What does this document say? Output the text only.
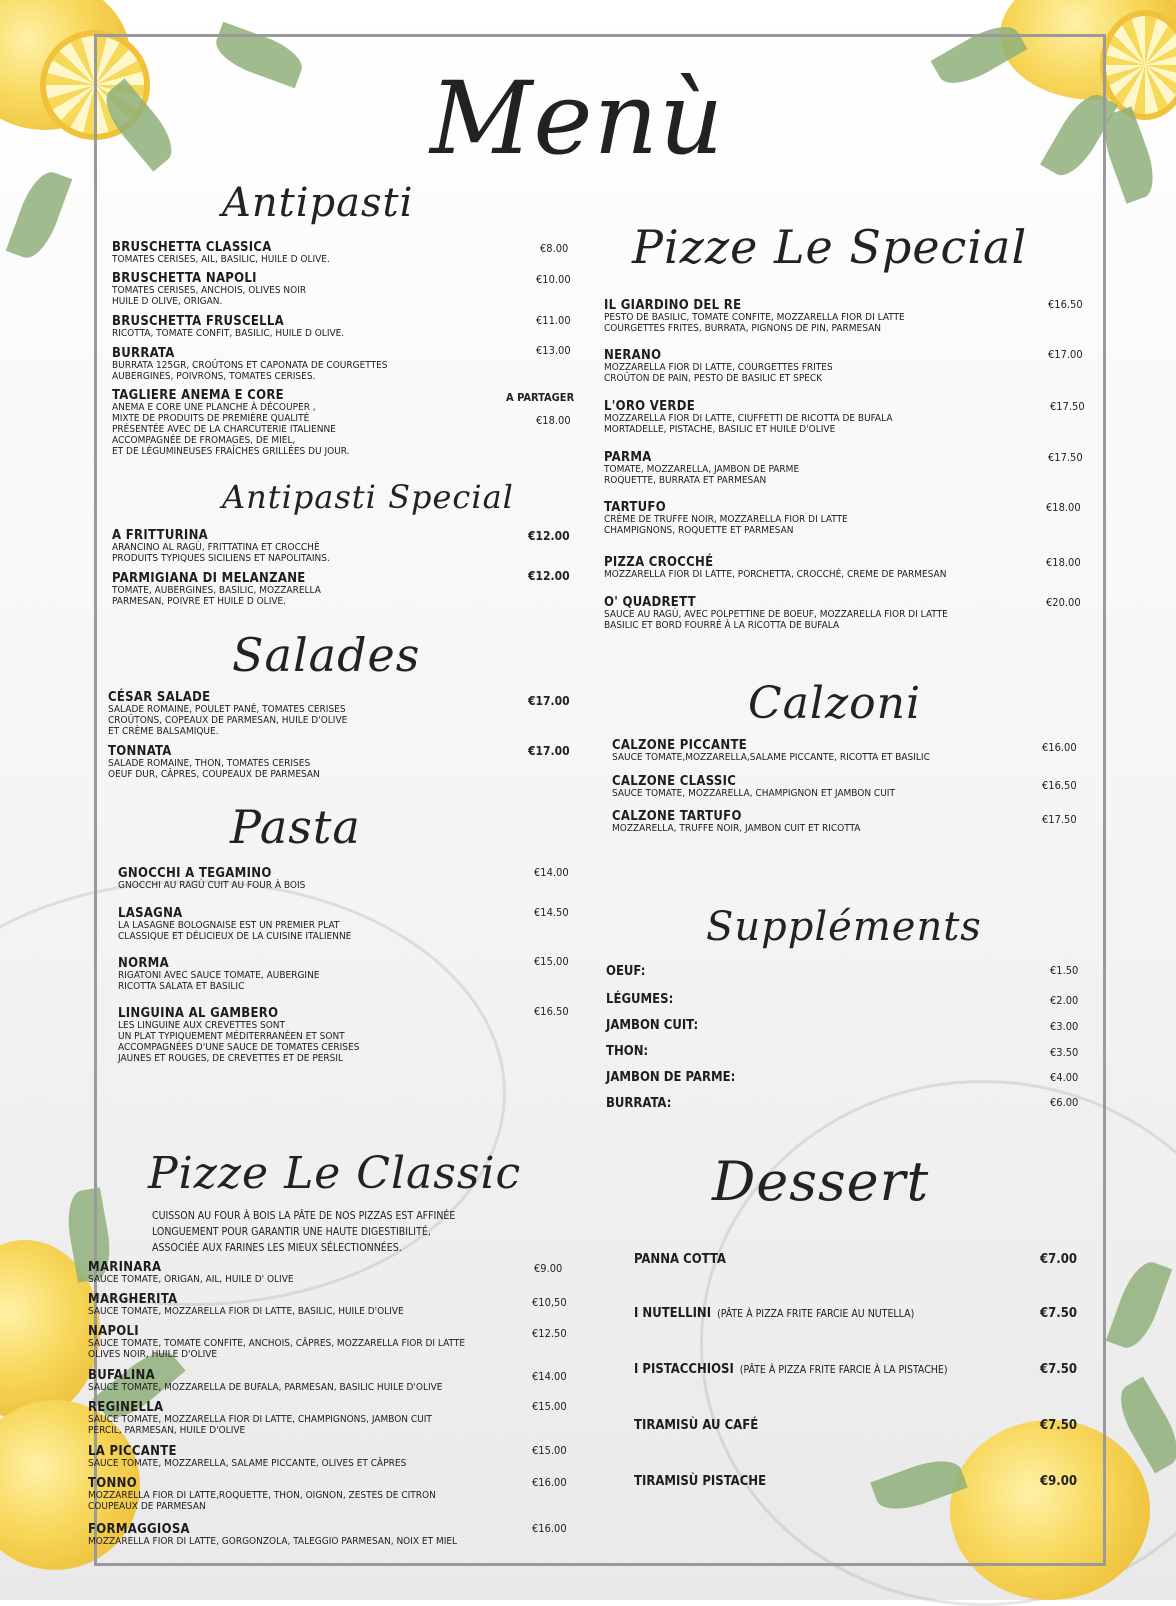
Menù
Antipasti
Antipasti Special
Salades
Pasta
Pizze Le Classic
Pizze Le Special
Calzoni
Suppléments
Dessert
BRUSCHETTA CLASSICA
TOMATES CERISES, AIL, BASILIC, HUILE D OLIVE.
€8.00
BRUSCHETTA NAPOLI
TOMATES CERISES, ANCHOIS, OLIVES NOIR
HUILE D OLIVE, ORIGAN.
€10.00
BRUSCHETTA FRUSCELLA
RICOTTA, TOMATE CONFIT, BASILIC, HUILE D OLIVE.
€11.00
BURRATA
BURRATA 125GR, CROÛTONS ET CAPONATA DE COURGETTES
AUBERGINES, POIVRONS, TOMATES CERISES.
€13.00
TAGLIERE ANEMA E CORE
ANEMA E CORE UNE PLANCHE À DÉCOUPER ,
MIXTE DE PRODUITS DE PREMIÈRE QUALITÉ
PRÉSENTÉE AVEC DE LA CHARCUTERIE ITALIENNE
ACCOMPAGNÉE DE FROMAGES, DE MIEL,
ET DE LÉGUMINEUSES FRAÎCHES GRILLÉES DU JOUR.
A PARTAGER
€18.00
A FRITTURINA
ARANCINO AL RAGÙ, FRITTATINA ET CROCCHÈ
PRODUITS TYPIQUES SICILIENS ET NAPOLITAINS.
€12.00
PARMIGIANA DI MELANZANE
TOMATE, AUBERGINES, BASILIC, MOZZARELLA
PARMESAN, POIVRE ET HUILE D OLIVE.
€12.00
CÉSAR SALADE
SALADE ROMAINE, POULET PANÉ, TOMATES CERISES
CROÛTONS, COPEAUX DE PARMESAN, HUILE D'OLIVE
ET CRÈME BALSAMIQUE.
€17.00
TONNATA
SALADE ROMAINE, THON, TOMATES CERISES
OEUF DUR, CÂPRES, COUPEAUX DE PARMESAN
€17.00
GNOCCHI A TEGAMINO
GNOCCHI AU RAGÙ CUIT AU FOUR À BOIS
€14.00
LASAGNA
LA LASAGNE BOLOGNAISE EST UN PREMIER PLAT
CLASSIQUE ET DÉLICIEUX DE LA CUISINE ITALIENNE
€14.50
NORMA
RIGATONI AVEC SAUCE TOMATE, AUBERGINE
RICOTTA SALATA ET BASILIC
€15.00
LINGUINA AL GAMBERO
LES LINGUINE AUX CREVETTES SONT
UN PLAT TYPIQUEMENT MÉDITERRANÉEN ET SONT
ACCOMPAGNÉES D'UNE SAUCE DE TOMATES CERISES
JAUNES ET ROUGES, DE CREVETTES ET DE PERSIL
€16.50
CUISSON AU FOUR À BOIS LA PÂTE DE NOS PIZZAS EST AFFINÉE
LONGUEMENT POUR GARANTIR UNE HAUTE DIGESTIBILITÉ,
ASSOCIÉE AUX FARINES LES MIEUX SÉLECTIONNÉES.
MARINARA
SAUCE TOMATE, ORIGAN, AIL, HUILE D' OLIVE
€9.00
MARGHERITA
SAUCE TOMATE, MOZZARELLA FIOR DI LATTE, BASILIC, HUILE D'OLIVE
€10,50
NAPOLI
SAUCE TOMATE, TOMATE CONFITE, ANCHOIS, CÂPRES, MOZZARELLA FIOR DI LATTE
OLIVES NOIR, HUILE D'OLIVE
€12.50
BUFALINA
SAUCE TOMATE, MOZZARELLA DE BUFALA, PARMESAN, BASILIC HUILE D'OLIVE
€14.00
REGINELLA
SAUCE TOMATE, MOZZARELLA FIOR DI LATTE, CHAMPIGNONS, JAMBON CUIT
PERCIL, PARMESAN, HUILE D'OLIVE
€15.00
LA PICCANTE
SAUCE TOMATE, MOZZARELLA, SALAME PICCANTE, OLIVES ET CÂPRES
€15.00
TONNO
MOZZARELLA FIOR DI LATTE,ROQUETTE, THON, OIGNON, ZESTES DE CITRON
COUPEAUX DE PARMESAN
€16.00
FORMAGGIOSA
MOZZARELLA FIOR DI LATTE, GORGONZOLA, TALEGGIO PARMESAN, NOIX ET MIEL
€16.00
IL GIARDINO DEL RE
PESTO DE BASILIC, TOMATE CONFITE, MOZZARELLA FIOR DI LATTE
COURGETTES FRITES, BURRATA, PIGNONS DE PIN, PARMESAN
€16.50
NERANO
MOZZARELLA FIOR DI LATTE, COURGETTES FRITES
CROÛTON DE PAIN, PESTO DE BASILIC ET SPECK
€17.00
L'ORO VERDE
MOZZARELLA FIOR DI LATTE, CIUFFETTI DE RICOTTA DE BUFALA
MORTADELLE, PISTACHE, BASILIC ET HUILE D'OLIVE
€17.50
PARMA
TOMATE, MOZZARELLA, JAMBON DE PARME
ROQUETTE, BURRATA ET PARMESAN
€17.50
TARTUFO
CRÈME DE TRUFFE NOIR, MOZZARELLA FIOR DI LATTE
CHAMPIGNONS, ROQUETTE ET PARMESAN
€18.00
PIZZA CROCCHÉ
MOZZARELLA FIOR DI LATTE, PORCHETTA, CROCCHÉ, CREME DE PARMESAN
€18.00
O' QUADRETT
SAUCE AU RAGÙ, AVEC POLPETTINE DE BOEUF, MOZZARELLA FIOR DI LATTE
BASILIC ET BORD FOURRÉ À LA RICOTTA DE BUFALA
€20.00
CALZONE PICCANTE
SAUCE TOMATE,MOZZARELLA,SALAME PICCANTE, RICOTTA ET BASILIC
€16.00
CALZONE CLASSIC
SAUCE TOMATE, MOZZARELLA, CHAMPIGNON ET JAMBON CUIT
€16.50
CALZONE TARTUFO
MOZZARELLA, TRUFFE NOIR, JAMBON CUIT ET RICOTTA
€17.50
OEUF:	€1.50
LÉGUMES:	€2.00
JAMBON CUIT:	€3.00
THON:	€3.50
JAMBON DE PARME:	€4.00
BURRATA:	€6.00
PANNA COTTA	€7.00
I NUTELLINI (PÂTE À PIZZA FRITE FARCIE AU NUTELLA)	€7.50
I PISTACCHIOSI (PÂTE À PIZZA FRITE FARCIE À LA PISTACHE)	€7.50
TIRAMISÙ AU CAFÉ	€7.50
TIRAMISÙ PISTACHE	€9.00
